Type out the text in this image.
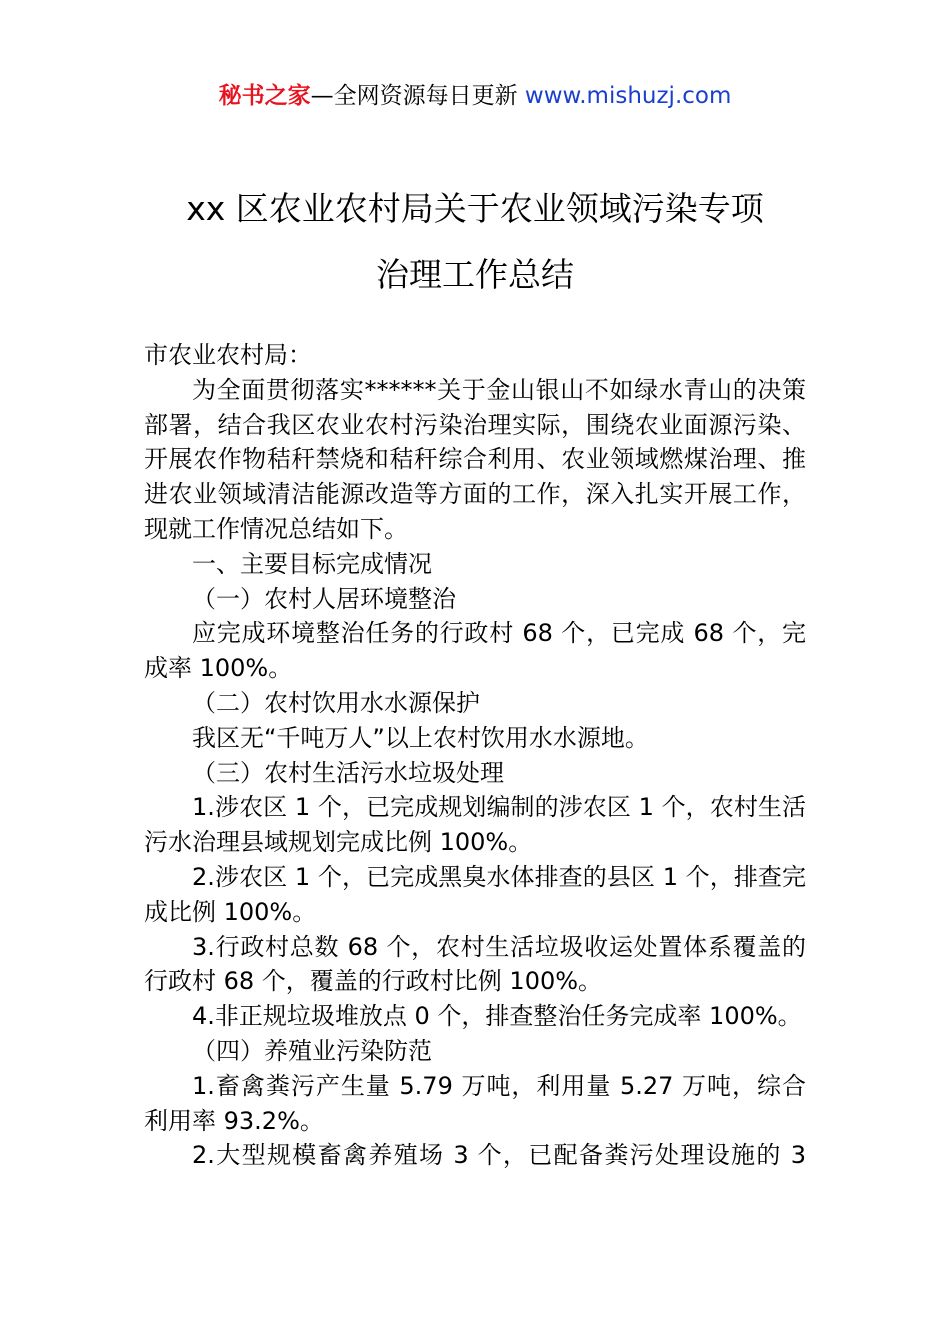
秘书之家—全网资源每日更新 www.mishuzj.com
xx 区农业农村局关于农业领域污染专项
治理工作总结

市农业农村局：

为全面贯彻落实******关于金山银山不如绿水青山的决策部署，结合我区农业农村污染治理实际，围绕农业面源污染、开展农作物秸秆禁烧和秸秆综合利用、农业领域燃煤治理、推进农业领域清洁能源改造等方面的工作，深入扎实开展工作，现就工作情况总结如下。

一、主要目标完成情况

（一）农村人居环境整治

应完成环境整治任务的行政村 68 个，已完成 68 个，完成率 100%。

（二）农村饮用水水源保护

我区无“千吨万人”以上农村饮用水水源地。

（三）农村生活污水垃圾处理

1.涉农区 1 个，已完成规划编制的涉农区 1 个，农村生活污水治理县域规划完成比例 100%。

2.涉农区 1 个，已完成黑臭水体排查的县区 1 个，排查完成比例 100%。

3.行政村总数 68 个，农村生活垃圾收运处置体系覆盖的行政村 68 个，覆盖的行政村比例 100%。

4.非正规垃圾堆放点 0 个，排查整治任务完成率 100%。

（四）养殖业污染防范

1.畜禽粪污产生量 5.79 万吨，利用量 5.27 万吨，综合利用率 93.2%。

2.大型规模畜禽养殖场 3 个，已配备粪污处理设施的 3
